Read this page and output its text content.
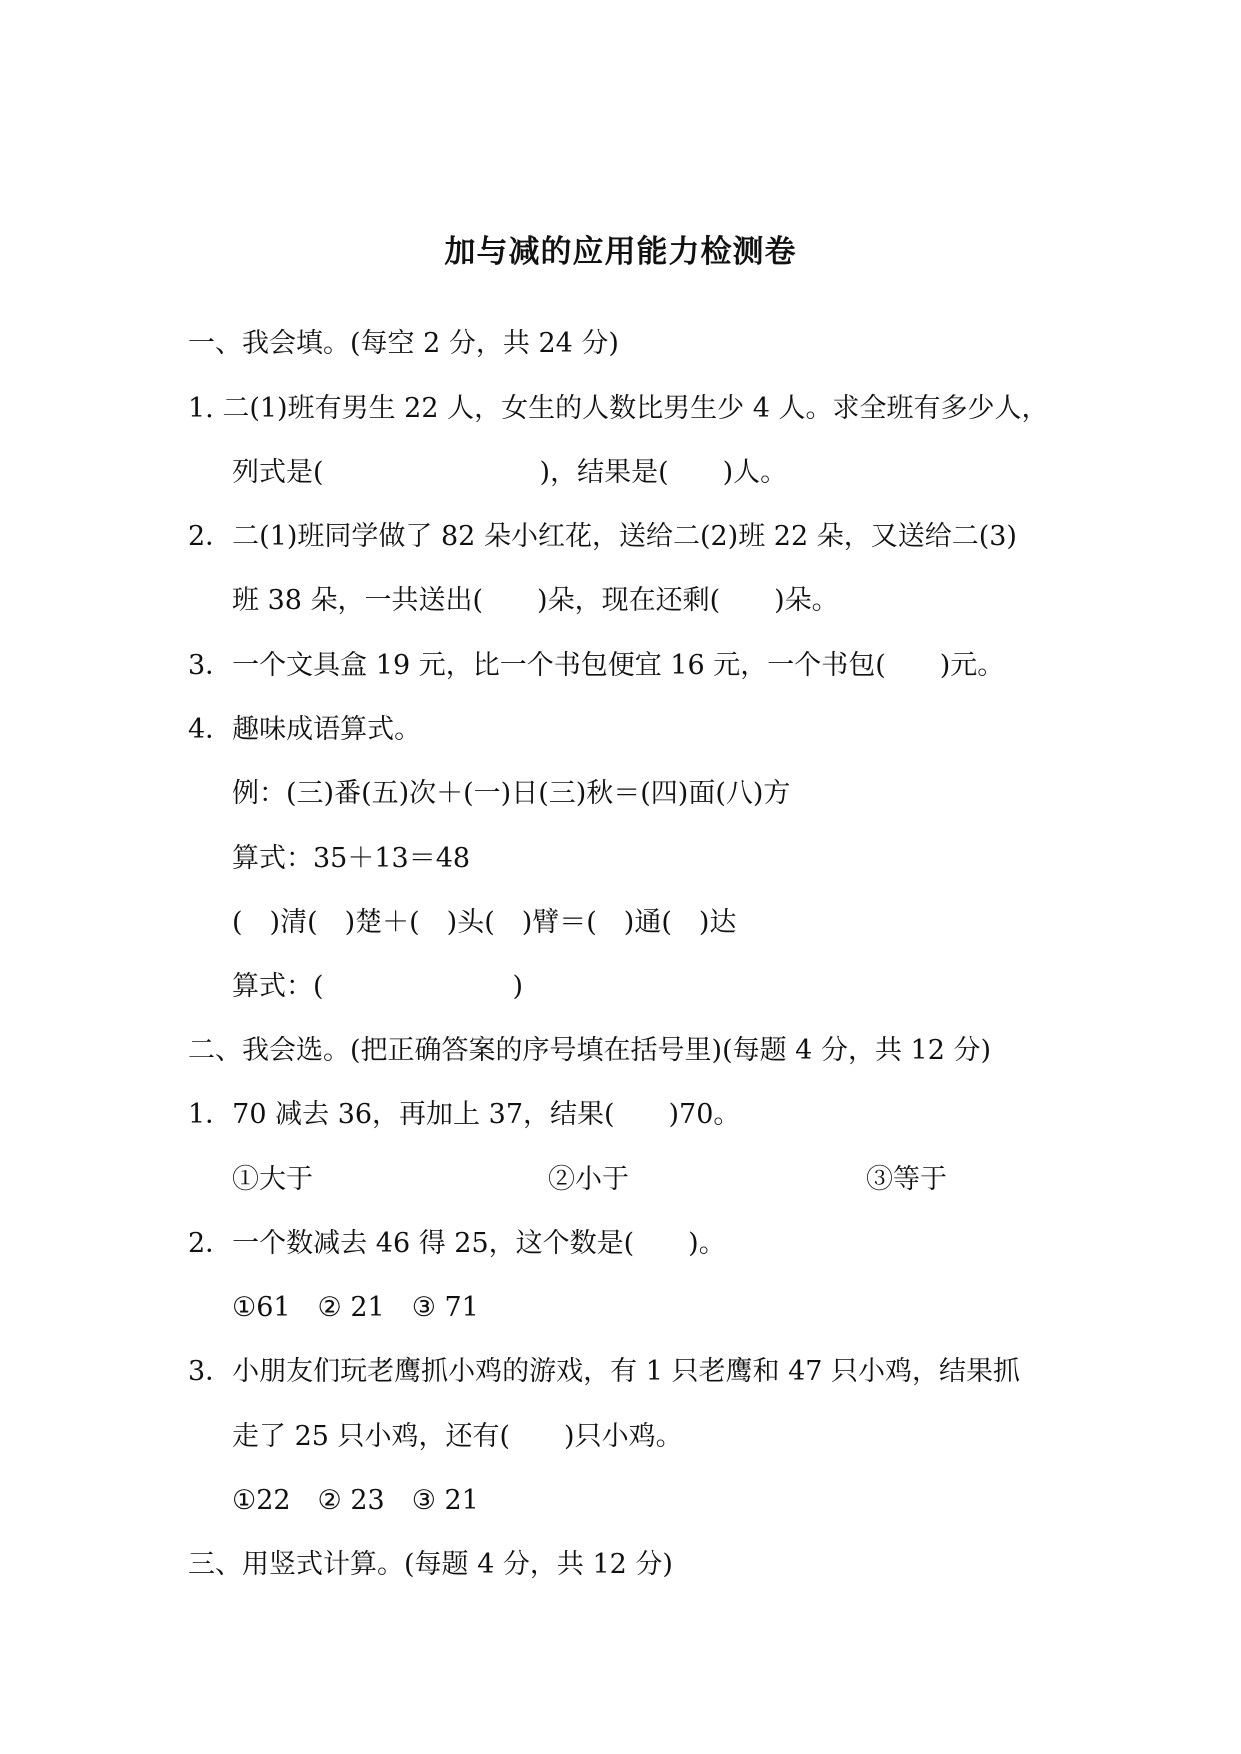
加与减的应用能力检测卷
一、我会填。(每空 2 分，共 24 分)
1. 二(1)班有男生 22 人，女生的人数比男生少 4 人。求全班有多少人，
列式是(　　　　　　　　)，结果是(　　)人。
2．二(1)班同学做了 82 朵小红花，送给二(2)班 22 朵，又送给二(3)
班 38 朵，一共送出(　　)朵，现在还剩(　　)朵。
3．一个文具盒 19 元，比一个书包便宜 16 元，一个书包(　　)元。
4．趣味成语算式。
例：(三)番(五)次＋(一)日(三)秋＝(四)面(八)方
算式：35＋13＝48
(　)清(　)楚＋(　)头(　)臂＝(　)通(　)达
算式：(　　　　　　　)
二、我会选。(把正确答案的序号填在括号里)(每题 4 分，共 12 分)
1．70 减去 36，再加上 37，结果(　　)70。
①大于	②小于	③等于
2．一个数减去 46 得 25，这个数是(　　)。
①61　② 21　③ 71
3．小朋友们玩老鹰抓小鸡的游戏，有 1 只老鹰和 47 只小鸡，结果抓
走了 25 只小鸡，还有(　　)只小鸡。
①22　② 23　③ 21
三、用竖式计算。(每题 4 分，共 12 分)
